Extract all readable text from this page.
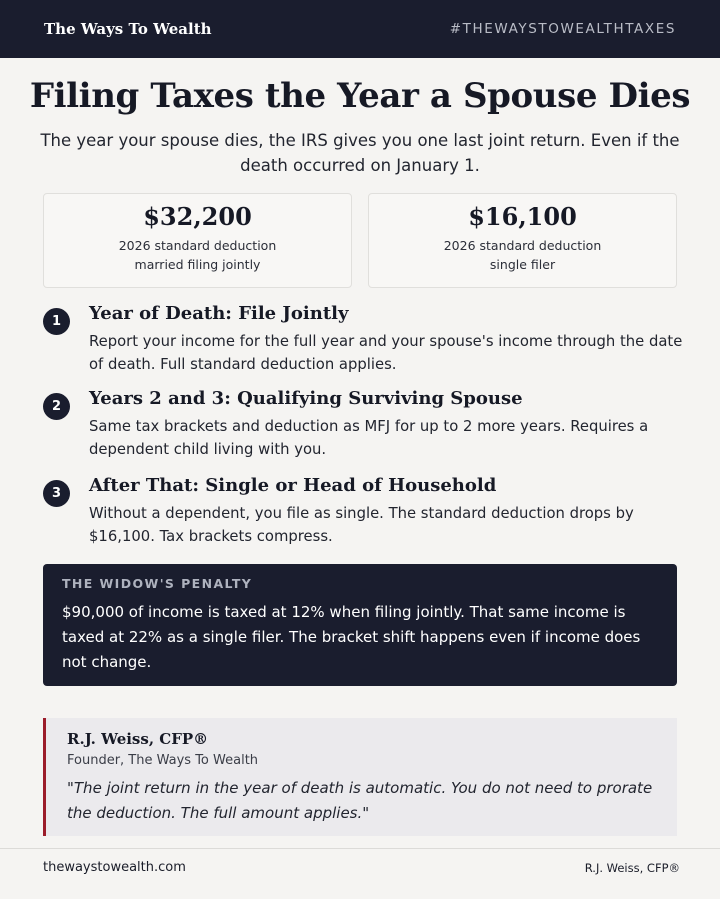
The Ways To Wealth	#THEWAYSTOWEALTHTAXES
Filing Taxes the Year a Spouse Dies

The year your spouse dies, the IRS gives you one last joint return. Even if the death occurred on January 1.

$32,200
2026 standard deduction
married filing jointly
$16,100
2026 standard deduction
single filer
1	Year of Death: File Jointly
Report your income for the full year and your spouse's income through the date of death. Full standard deduction applies.
2	Years 2 and 3: Qualifying Surviving Spouse
Same tax brackets and deduction as MFJ for up to 2 more years. Requires a dependent child living with you.
3	After That: Single or Head of Household
Without a dependent, you file as single. The standard deduction drops by $16,100. Tax brackets compress.
THE WIDOW'S PENALTY
$90,000 of income is taxed at 12% when filing jointly. That same income is taxed at 22% as a single filer. The bracket shift happens even if income does not change.
R.J. Weiss, CFP®
Founder, The Ways To Wealth
"The joint return in the year of death is automatic. You do not need to prorate the deduction. The full amount applies."
thewaystowealth.com	R.J. Weiss, CFP®
